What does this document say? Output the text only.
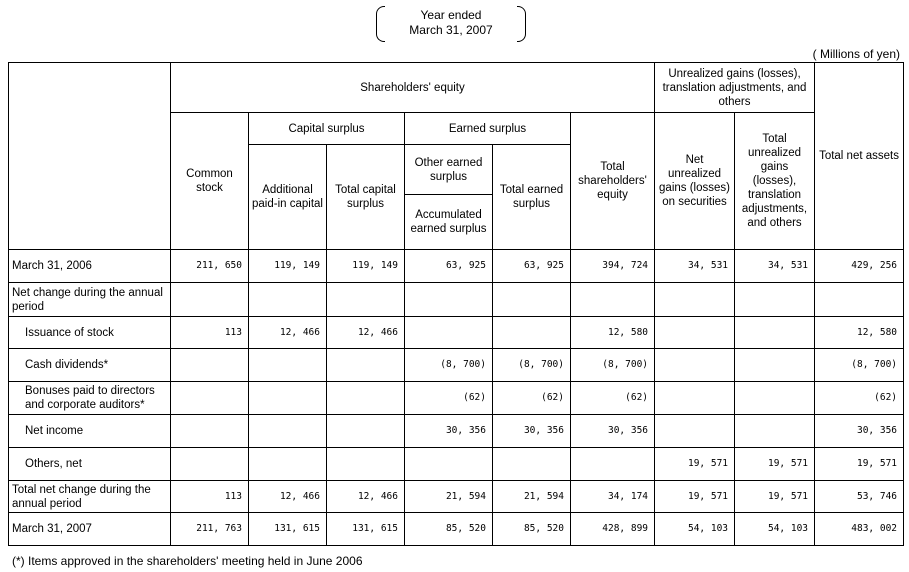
Year ended
March 31, 2007
( Millions of yen)
	Shareholders' equity						Unrealized gains (losses), translation adjustments, and others		Total net assets
	Common stock	Capital surplus		Earned surplus		Total shareholders' equity	Net unrealized gains (losses) on securities	Total unrealized gains (losses), translation adjustments, and others	
		Additional paid-in capital	Total capital surplus	Other earned surplus	Total earned surplus				
				Accumulated earned surplus					

March 31, 2006	211, 650	119, 149	119, 149	63, 925	63, 925	394, 724	34, 531	34, 531	429, 256
Net change during the annual period									
Issuance of stock	113	12, 466	12, 466			12, 580			12, 580
Cash dividends*				(8, 700)	(8, 700)	(8, 700)			(8, 700)
Bonuses paid to directors and corporate auditors*				(62)	(62)	(62)			(62)
Net income				30, 356	30, 356	30, 356			30, 356
Others, net							19, 571	19, 571	19, 571
Total net change during the annual period	113	12, 466	12, 466	21, 594	21, 594	34, 174	19, 571	19, 571	53, 746
March 31, 2007	211, 763	131, 615	131, 615	85, 520	85, 520	428, 899	54, 103	54, 103	483, 002
(*) Items approved in the shareholders' meeting held in June 2006
